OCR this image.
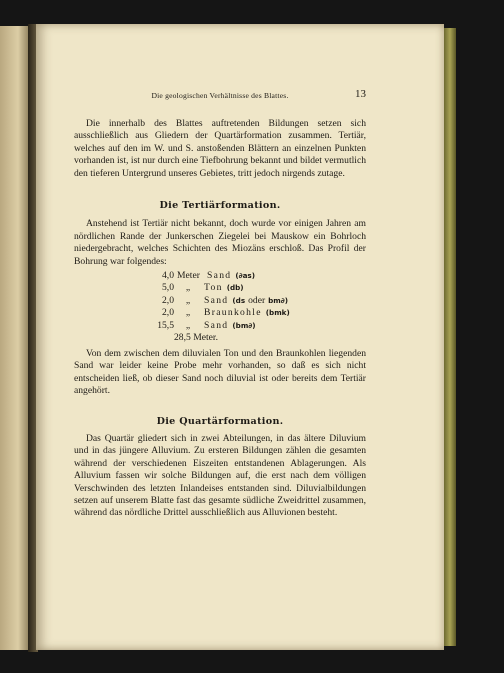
Die geologischen Verhältnisse des Blattes.	13

Die innerhalb des Blattes auftretenden Bildungen setzen sich ausschließlich aus Gliedern der Quartärformation zusammen. Tertiär, welches auf den im W. und S. anstoßenden Blättern an einzelnen Punkten vorhanden ist, ist nur durch eine Tiefbohrung bekannt und bildet vermutlich den tieferen Untergrund unseres Gebietes, tritt jedoch nirgends zutage.

Die Tertiärformation.

Anstehend ist Tertiär nicht bekannt, doch wurde vor einigen Jahren am nördlichen Rande der Junkerschen Ziegelei bei Mauskow ein Bohrloch niedergebracht, welches Schichten des Miozäns erschloß. Das Profil der Bohrung war folgendes:

4,0 Meter Sand (∂as)
5,0	„	Ton (db)
2,0	„	Sand (ds oder bm∂)
2,0	„	Braunkohle (bmk)
15,5	„	Sand (bm∂)
28,5 Meter.

Von dem zwischen dem diluvialen Ton und den Braunkohlen liegenden Sand war leider keine Probe mehr vorhanden, so daß es sich nicht entscheiden ließ, ob dieser Sand noch diluvial ist oder bereits dem Tertiär angehört.

Die Quartärformation.

Das Quartär gliedert sich in zwei Abteilungen, in das ältere Diluvium und in das jüngere Alluvium. Zu ersteren Bildungen zählen die gesamten während der verschiedenen Eiszeiten entstandenen Ablagerungen. Als Alluvium fassen wir solche Bildungen auf, die erst nach dem völligen Verschwinden des letzten Inlandeises entstanden sind. Diluvialbildungen setzen auf unserem Blatte fast das gesamte südliche Zweidrittel zusammen, während das nördliche Drittel ausschließlich aus Alluvionen besteht.
